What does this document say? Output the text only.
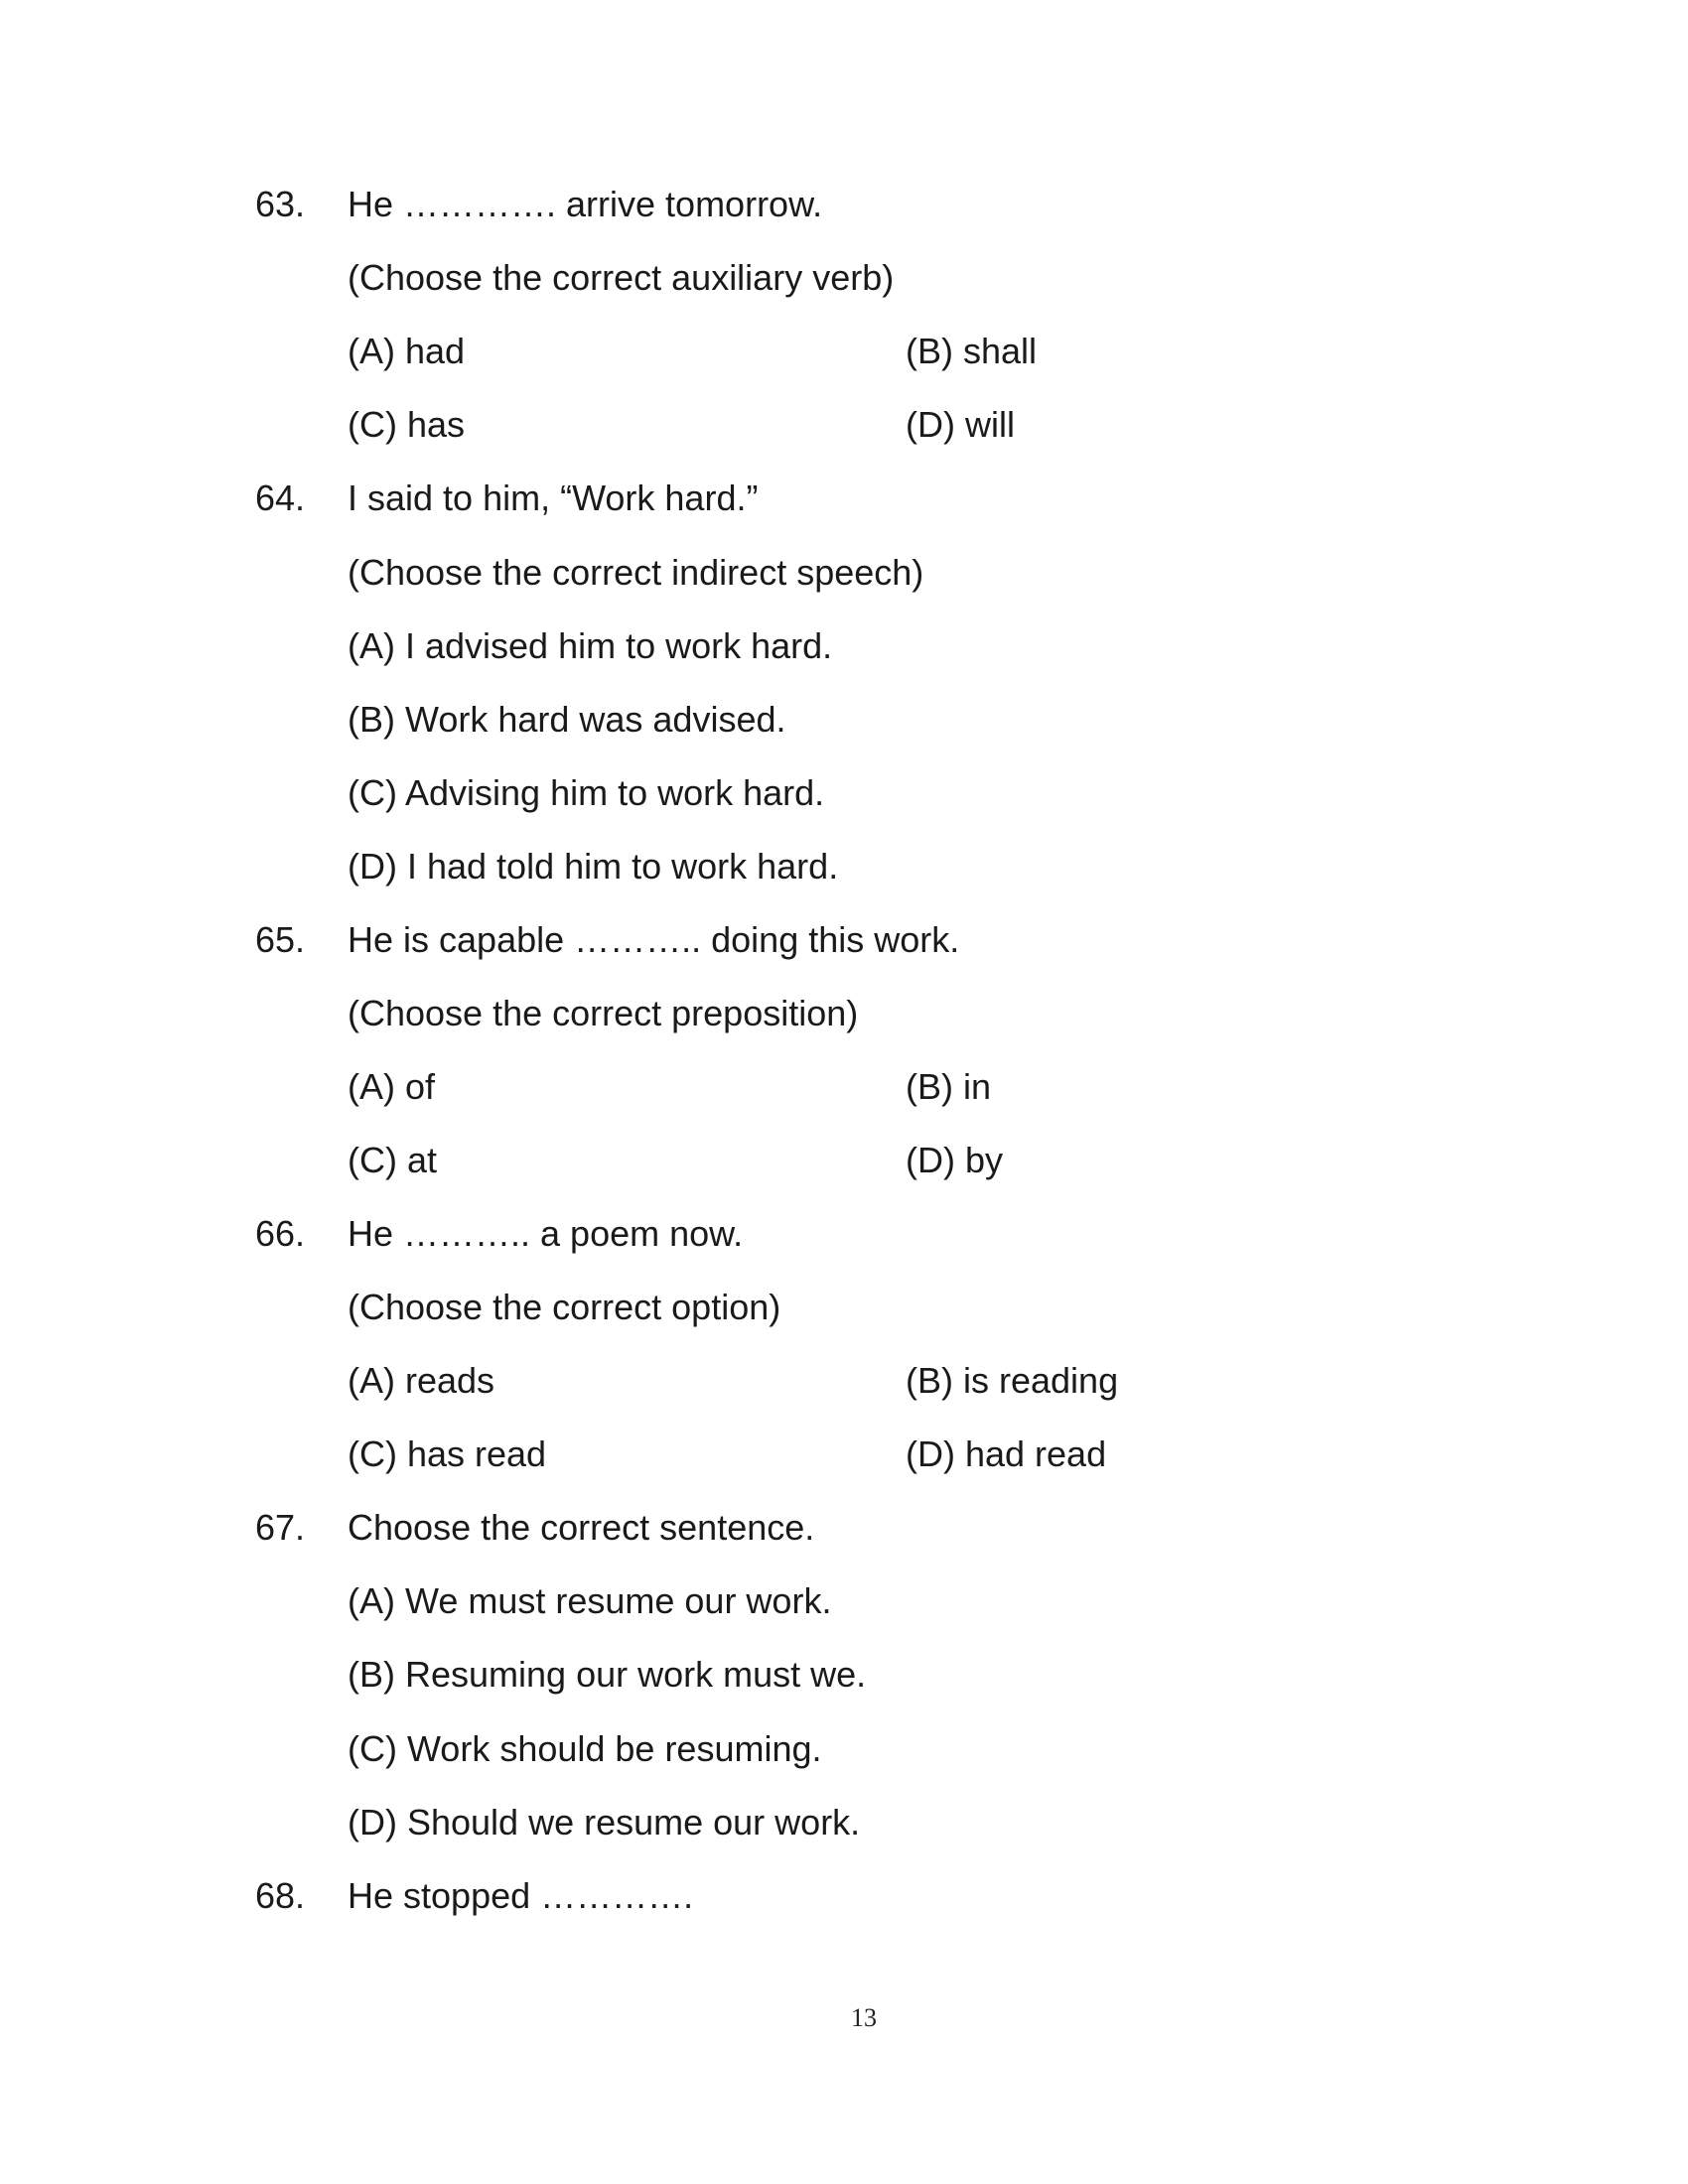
63. He …………. arrive tomorrow.
(Choose the correct auxiliary verb)
(A) had	(B) shall
(C) has	(D) will
64. I said to him, “Work hard.”
(Choose the correct indirect speech)
(A) I advised him to work hard.
(B) Work hard was advised.
(C) Advising him to work hard.
(D) I had told him to work hard.
65. He is capable ……….. doing this work.
(Choose the correct preposition)
(A) of	(B) in
(C) at	(D) by
66. He ……….. a poem now.
(Choose the correct option)
(A) reads	(B) is reading
(C) has read	(D) had read
67. Choose the correct sentence.
(A) We must resume our work.
(B) Resuming our work must we.
(C) Work should be resuming.
(D) Should we resume our work.
68. He stopped ………….
13
